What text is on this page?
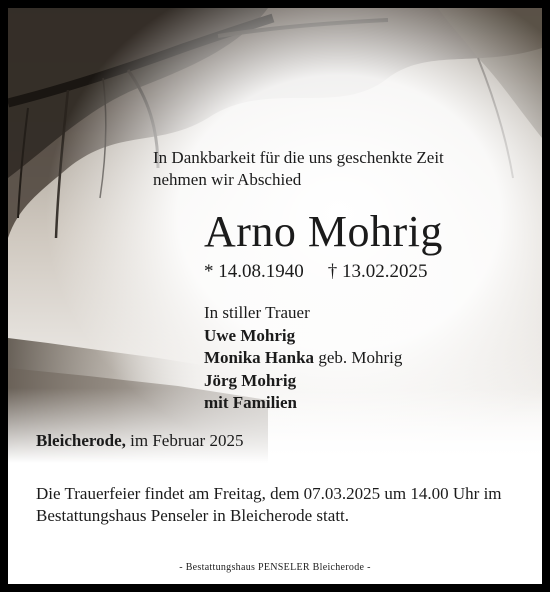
In Dankbarkeit für die uns geschenkte Zeit
nehmen wir Abschied
Arno Mohrig
* 14.08.1940 † 13.02.2025
In stiller Trauer
Uwe Mohrig
Monika Hanka geb. Mohrig
Jörg Mohrig
mit Familien
Bleicherode, im Februar 2025
Die Trauerfeier findet am Freitag, dem 07.03.2025 um 14.00 Uhr im Bestattungshaus Penseler in Bleicherode statt.
- Bestattungshaus PENSELER Bleicherode -
